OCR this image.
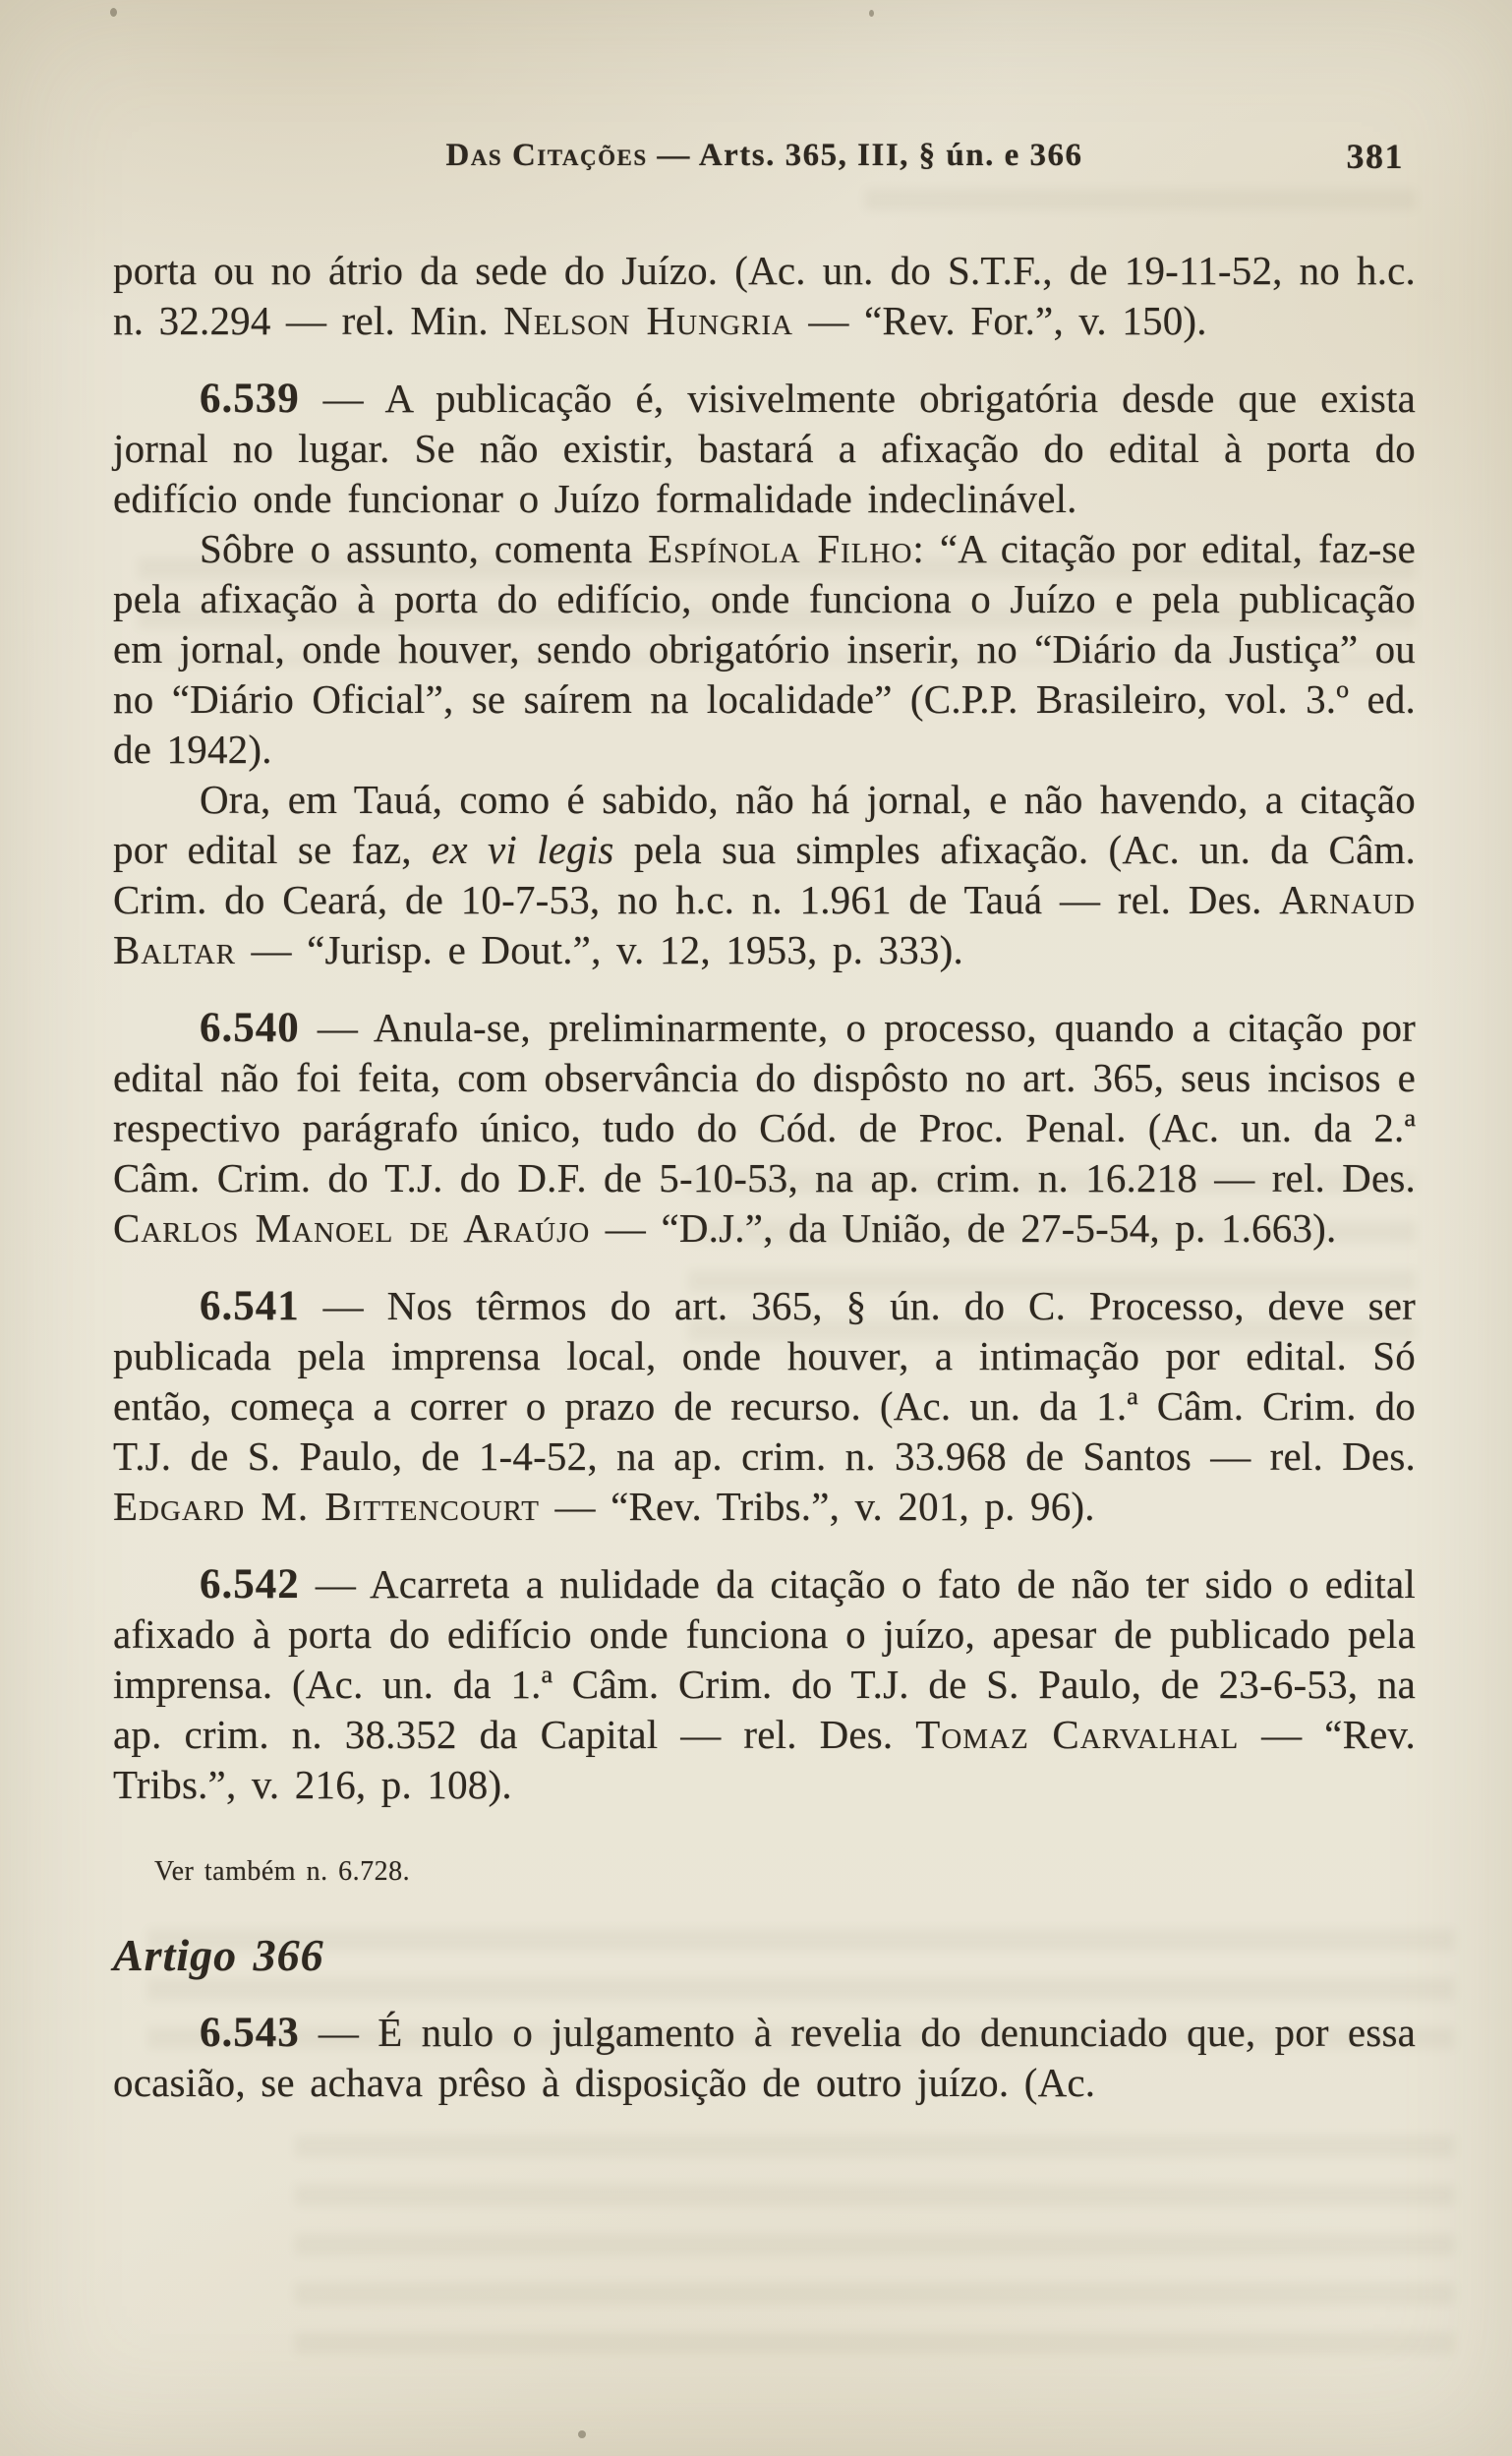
Das Citações — Arts. 365, III, § ún. e 366	381

porta ou no átrio da sede do Juízo. (Ac. un. do S.T.F., de 19-11-52, no h.c. n. 32.294 — rel. Min. Nelson Hungria — “Rev. For.”, v. 150).

6.539 — A publicação é, visivelmente obrigatória desde que exista jornal no lugar. Se não existir, bastará a afixação do edital à porta do edifício onde funcionar o Juízo formalidade indeclinável.

Sôbre o assunto, comenta Espínola Filho: “A citação por edital, faz-se pela afixação à porta do edifício, onde funciona o Juízo e pela publicação em jornal, onde houver, sendo obrigatório inserir, no “Diário da Justiça” ou no “Diário Oficial”, se saírem na localidade” (C.P.P. Brasileiro, vol. 3.º ed. de 1942).

Ora, em Tauá, como é sabido, não há jornal, e não havendo, a citação por edital se faz, ex vi legis pela sua simples afixação. (Ac. un. da Câm. Crim. do Ceará, de 10-7-53, no h.c. n. 1.961 de Tauá — rel. Des. Arnaud Baltar — “Jurisp. e Dout.”, v. 12, 1953, p. 333).

6.540 — Anula-se, preliminarmente, o processo, quando a citação por edital não foi feita, com observância do dispôsto no art. 365, seus incisos e respectivo parágrafo único, tudo do Cód. de Proc. Penal. (Ac. un. da 2.ª Câm. Crim. do T.J. do D.F. de 5-10-53, na ap. crim. n. 16.218 — rel. Des. Carlos Manoel de Araújo — “D.J.”, da União, de 27-5-54, p. 1.663).

6.541 — Nos têrmos do art. 365, § ún. do C. Processo, deve ser publicada pela imprensa local, onde houver, a intimação por edital. Só então, começa a correr o prazo de recurso. (Ac. un. da 1.ª Câm. Crim. do T.J. de S. Paulo, de 1-4-52, na ap. crim. n. 33.968 de Santos — rel. Des. Edgard M. Bittencourt — “Rev. Tribs.”, v. 201, p. 96).

6.542 — Acarreta a nulidade da citação o fato de não ter sido o edital afixado à porta do edifício onde funciona o juízo, apesar de publicado pela imprensa. (Ac. un. da 1.ª Câm. Crim. do T.J. de S. Paulo, de 23-6-53, na ap. crim. n. 38.352 da Capital — rel. Des. Tomaz Carvalhal — “Rev. Tribs.”, v. 216, p. 108).

Ver também n. 6.728.

Artigo 366

6.543 — É nulo o julgamento à revelia do denunciado que, por essa ocasião, se achava prêso à disposição de outro juízo. (Ac.
